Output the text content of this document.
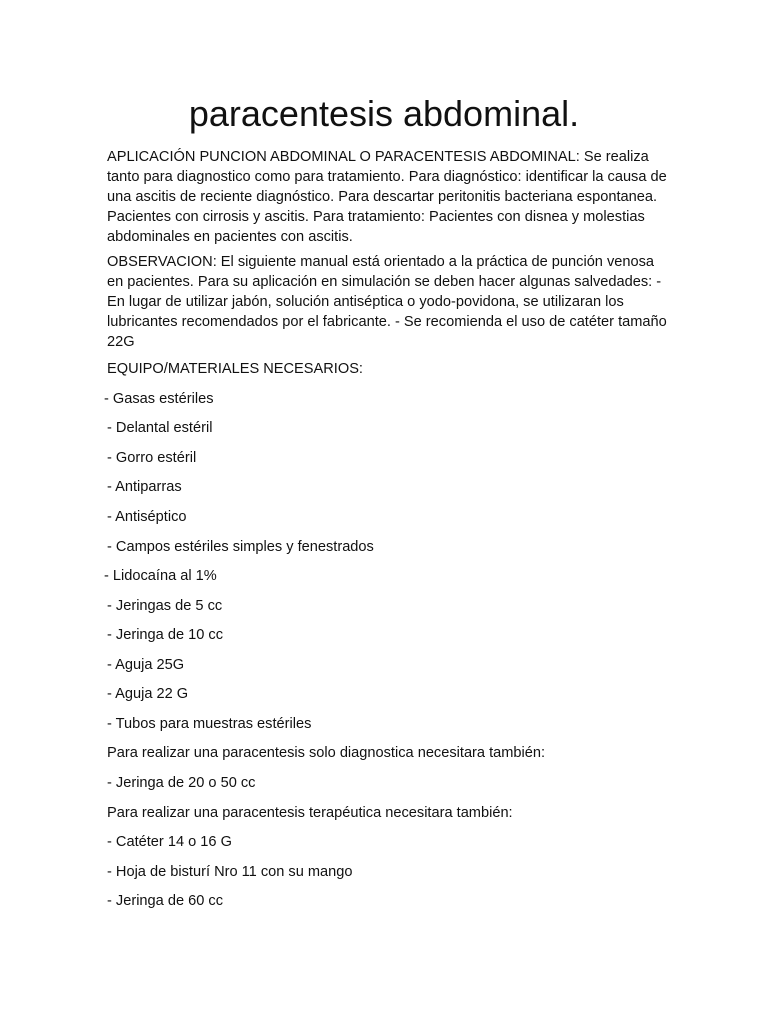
paracentesis abdominal.

APLICACIÓN PUNCION ABDOMINAL O PARACENTESIS ABDOMINAL: Se realiza tanto para diagnostico como para tratamiento. Para diagnóstico: identificar la causa de una ascitis de reciente diagnóstico. Para descartar peritonitis bacteriana espontanea. Pacientes con cirrosis y ascitis. Para tratamiento: Pacientes con disnea y molestias abdominales en pacientes con ascitis.

OBSERVACION: El siguiente manual está orientado a la práctica de punción venosa en pacientes. Para su aplicación en simulación se deben hacer algunas salvedades: - En lugar de utilizar jabón, solución antiséptica o yodo-povidona, se utilizaran los lubricantes recomendados por el fabricante. - Se recomienda el uso de catéter tamaño 22G

EQUIPO/MATERIALES NECESARIOS:

- Gasas estériles

- Delantal estéril

- Gorro estéril

- Antiparras

- Antiséptico

- Campos estériles simples y fenestrados

- Lidocaína al 1%

- Jeringas de 5 cc

- Jeringa de 10 cc

- Aguja 25G

- Aguja 22 G

- Tubos para muestras estériles

Para realizar una paracentesis solo diagnostica necesitara también:

- Jeringa de 20 o 50 cc

Para realizar una paracentesis terapéutica necesitara también:

- Catéter 14 o 16 G

- Hoja de bisturí Nro 11 con su mango

- Jeringa de 60 cc
